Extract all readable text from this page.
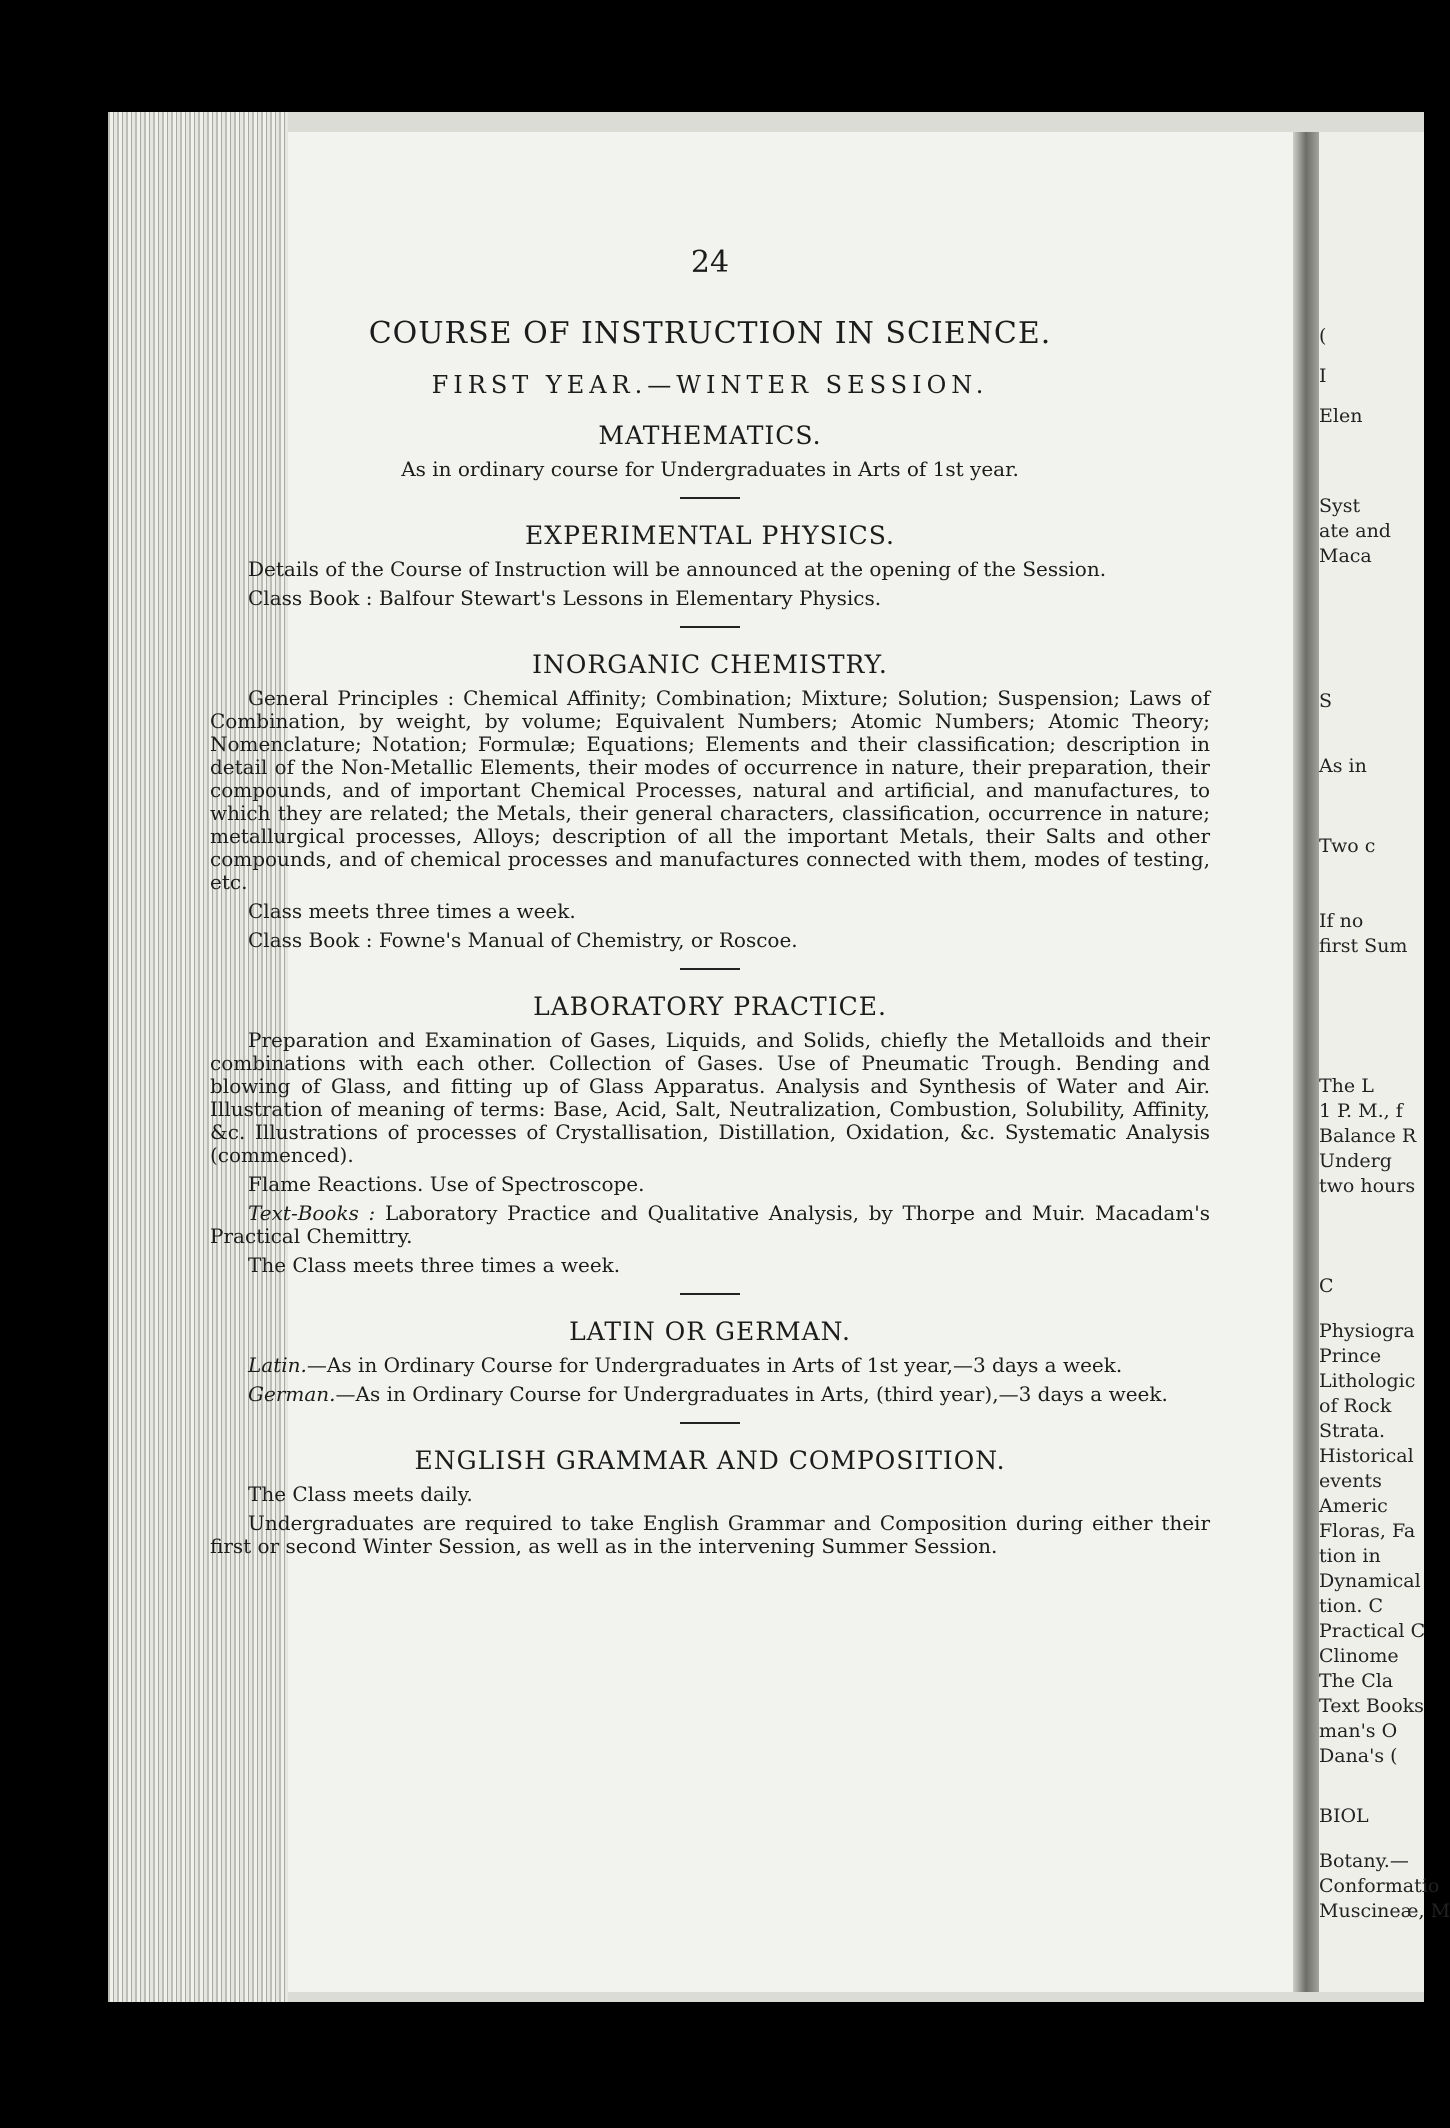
(
I
Elen
Syst
ate and
Maca
S
As in
Two c
If no
first Sum
The L
1 P. M., f
Balance R
Underg
two hours
C
Physiogra
Prince
Lithologic
of Rock
Strata.
Historical
events
Americ
Floras, Fa
tion in
Dynamical
tion. C
Practical C
Clinome
The Cla
Text Books
man's O
Dana's (
BIOL
Botany.—
Conformatio
Muscineæ, M
24
COURSE OF INSTRUCTION IN SCIENCE.
FIRST YEAR.—WINTER SESSION.
MATHEMATICS.

As in ordinary course for Undergraduates in Arts of 1st year.

EXPERIMENTAL PHYSICS.

Details of the Course of Instruction will be announced at the opening of the Session.

Class Book : Balfour Stewart's Lessons in Elementary Physics.

INORGANIC CHEMISTRY.

General Principles : Chemical Affinity; Combination; Mixture; Solution; Suspension; Laws of Combination, by weight, by volume; Equivalent Numbers; Atomic Numbers; Atomic Theory; Nomenclature; Notation; Formulæ; Equations; Elements and their classification; description in detail of the Non-Metallic Elements, their modes of occurrence in nature, their preparation, their compounds, and of important Chemical Processes, natural and artificial, and manufactures, to which they are related; the Metals, their general characters, classification, occurrence in nature; metallurgical processes, Alloys; description of all the important Metals, their Salts and other compounds, and of chemical processes and manufactures connected with them, modes of testing, etc.

Class meets three times a week.

Class Book : Fowne's Manual of Chemistry, or Roscoe.

LABORATORY PRACTICE.

Preparation and Examination of Gases, Liquids, and Solids, chiefly the Metalloids and their combinations with each other. Collection of Gases. Use of Pneumatic Trough. Bending and blowing of Glass, and fitting up of Glass Apparatus. Analysis and Synthesis of Water and Air. Illustration of meaning of terms: Base, Acid, Salt, Neutralization, Combustion, Solubility, Affinity, &c. Illustrations of processes of Crystallisation, Distillation, Oxidation, &c. Systematic Analysis (commenced).

Flame Reactions. Use of Spectroscope.

Text-Books : Laboratory Practice and Qualitative Analysis, by Thorpe and Muir. Macadam's Practical Chemittry.

The Class meets three times a week.

LATIN OR GERMAN.

Latin.—As in Ordinary Course for Undergraduates in Arts of 1st year,—3 days a week.

German.—As in Ordinary Course for Undergraduates in Arts, (third year),—3 days a week.

ENGLISH GRAMMAR AND COMPOSITION.

The Class meets daily.

Undergraduates are required to take English Grammar and Composition during either their first or second Winter Session, as well as in the intervening Summer Session.
